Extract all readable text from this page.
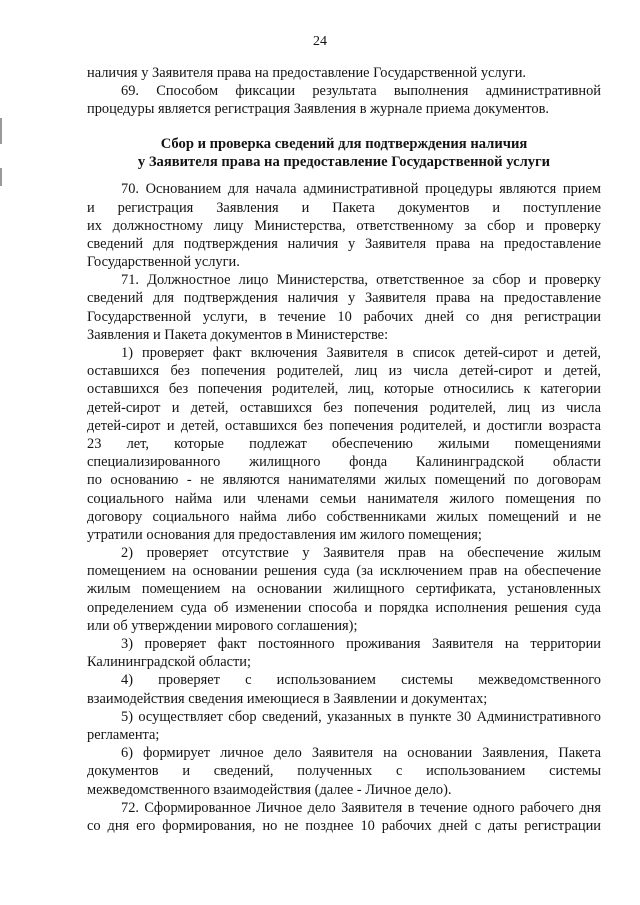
24
наличия у Заявителя права на предоставление Государственной услуги.
69. Способом фиксации результата выполнения административной
процедуры является регистрация Заявления в журнале приема документов.
Сбор и проверка сведений для подтверждения наличия
у Заявителя права на предоставление Государственной услуги
70. Основанием для начала административной процедуры являются прием
и регистрация Заявления и Пакета документов и поступление
их должностному лицу Министерства, ответственному за сбор и проверку
сведений для подтверждения наличия у Заявителя права на предоставление
Государственной услуги.
71. Должностное лицо Министерства, ответственное за сбор и проверку
сведений для подтверждения наличия у Заявителя права на предоставление
Государственной услуги, в течение 10 рабочих дней со дня регистрации
Заявления и Пакета документов в Министерстве:
1) проверяет факт включения Заявителя в список детей-сирот и детей,
оставшихся без попечения родителей, лиц из числа детей-сирот и детей,
оставшихся без попечения родителей, лиц, которые относились к категории
детей-сирот и детей, оставшихся без попечения родителей, лиц из числа
детей-сирот и детей, оставшихся без попечения родителей, и достигли возраста
23 лет, которые подлежат обеспечению жилыми помещениями
специализированного жилищного фонда Калининградской области
по основанию - не являются нанимателями жилых помещений по договорам
социального найма или членами семьи нанимателя жилого помещения по
договору социального найма либо собственниками жилых помещений и не
утратили основания для предоставления им жилого помещения;
2) проверяет отсутствие у Заявителя прав на обеспечение жилым
помещением на основании решения суда (за исключением прав на обеспечение
жилым помещением на основании жилищного сертификата, установленных
определением суда об изменении способа и порядка исполнения решения суда
или об утверждении мирового соглашения);
3) проверяет факт постоянного проживания Заявителя на территории
Калининградской области;
4) проверяет с использованием системы межведомственного
взаимодействия сведения имеющиеся в Заявлении и документах;
5) осуществляет сбор сведений, указанных в пункте 30 Административного
регламента;
6) формирует личное дело Заявителя на основании Заявления, Пакета
документов и сведений, полученных с использованием системы
межведомственного взаимодействия (далее - Личное дело).
72. Сформированное Личное дело Заявителя в течение одного рабочего дня
со дня его формирования, но не позднее 10 рабочих дней с даты регистрации
